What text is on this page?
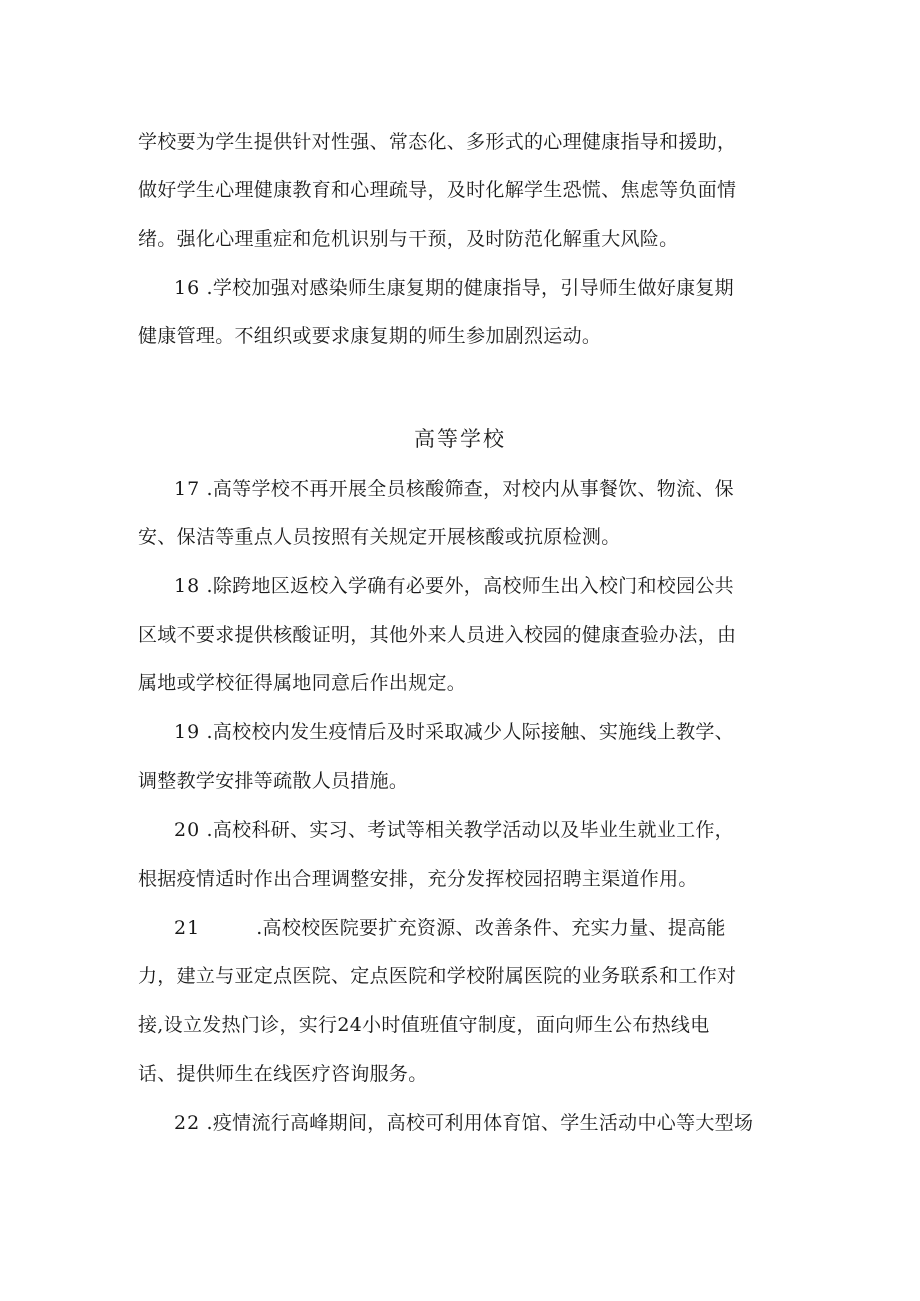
学校要为学生提供针对性强、常态化、多形式的心理健康指导和援助，
做好学生心理健康教育和心理疏导，及时化解学生恐慌、焦虑等负面情
绪。强化心理重症和危机识别与干预，及时防范化解重大风险。
16 .学校加强对感染师生康复期的健康指导，引导师生做好康复期
健康管理。不组织或要求康复期的师生参加剧烈运动。
高等学校
17 .高等学校不再开展全员核酸筛查，对校内从事餐饮、物流、保
安、保洁等重点人员按照有关规定开展核酸或抗原检测。
18 .除跨地区返校入学确有必要外，高校师生出入校门和校园公共
区域不要求提供核酸证明，其他外来人员进入校园的健康查验办法，由
属地或学校征得属地同意后作出规定。
19 .高校校内发生疫情后及时采取减少人际接触、实施线上教学、
调整教学安排等疏散人员措施。
20 .高校科研、实习、考试等相关教学活动以及毕业生就业工作，
根据疫情适时作出合理调整安排，充分发挥校园招聘主渠道作用。
21	.高校校医院要扩充资源、改善条件、充实力量、提高能
力，建立与亚定点医院、定点医院和学校附属医院的业务联系和工作对
接,设立发热门诊，实行24小时值班值守制度，面向师生公布热线电
话、提供师生在线医疗咨询服务。
22 .疫情流行高峰期间，高校可利用体育馆、学生活动中心等大型场
